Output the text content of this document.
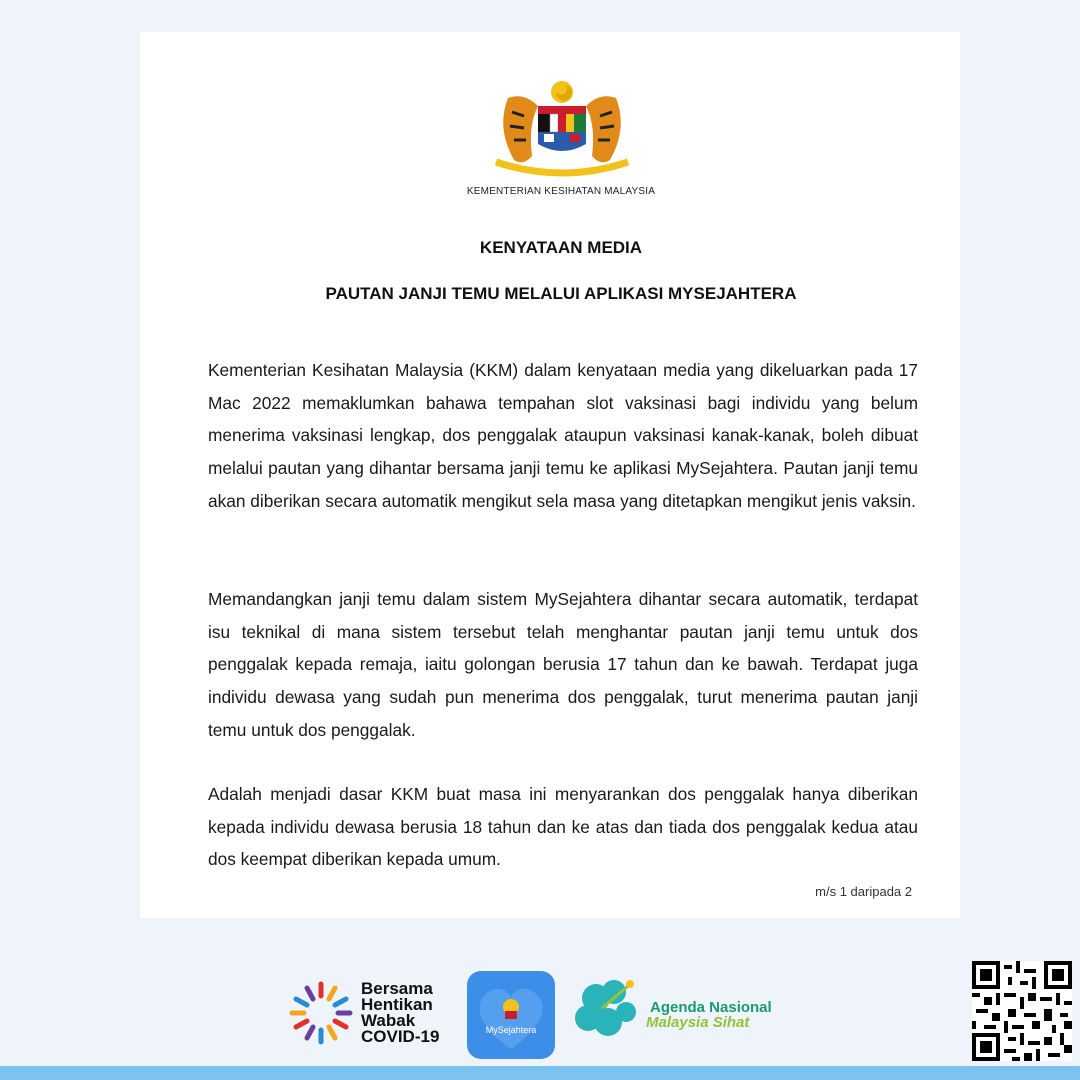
KEMENTERIAN KESIHATAN MALAYSIA
KENYATAAN MEDIA
PAUTAN JANJI TEMU MELALUI APLIKASI MYSEJAHTERA

Kementerian Kesihatan Malaysia (KKM) dalam kenyataan media yang dikeluarkan pada 17 Mac 2022 memaklumkan bahawa tempahan slot vaksinasi bagi individu yang belum menerima vaksinasi lengkap, dos penggalak ataupun vaksinasi kanak-kanak, boleh dibuat melalui pautan yang dihantar bersama janji temu ke aplikasi MySejahtera. Pautan janji temu akan diberikan secara automatik mengikut sela masa yang ditetapkan mengikut jenis vaksin.

Memandangkan janji temu dalam sistem MySejahtera dihantar secara automatik, terdapat isu teknikal di mana sistem tersebut telah menghantar pautan janji temu untuk dos penggalak kepada remaja, iaitu golongan berusia 17 tahun dan ke bawah. Terdapat juga individu dewasa yang sudah pun menerima dos penggalak, turut menerima pautan janji temu untuk dos penggalak.

Adalah menjadi dasar KKM buat masa ini menyarankan dos penggalak hanya diberikan kepada individu dewasa berusia 18 tahun dan ke atas dan tiada dos penggalak kedua atau dos keempat diberikan kepada umum.

m/s 1 daripada 2

Bersama
Hentikan
Wabak
COVID-19	MySejahtera
Agenda Nasional
Malaysia Sihat
